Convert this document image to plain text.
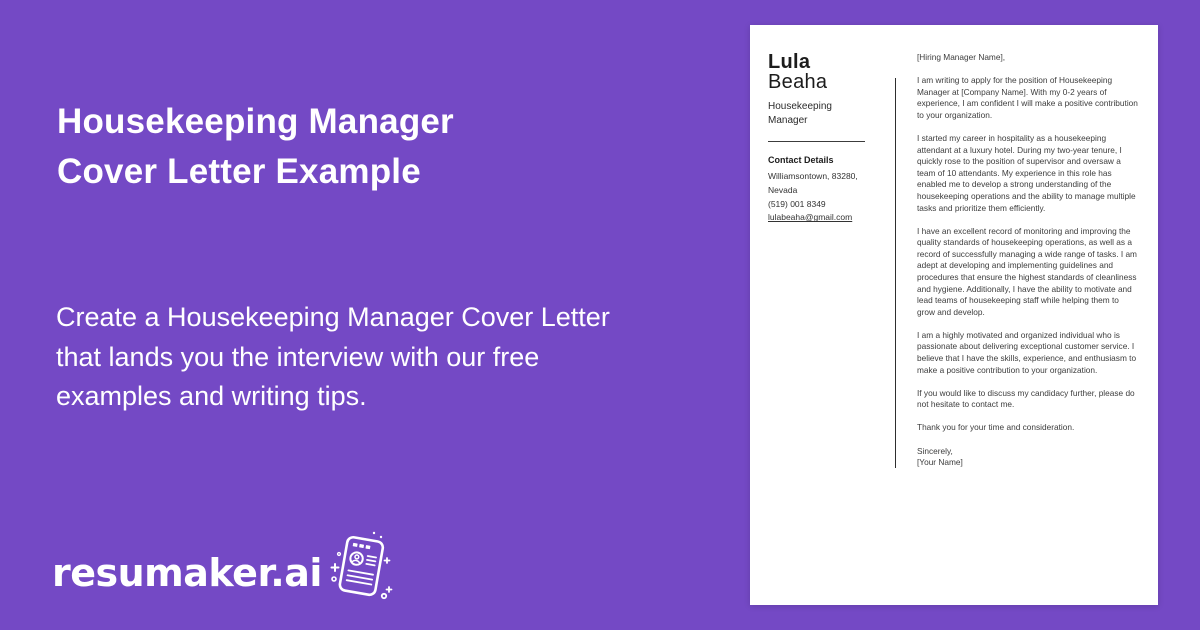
Housekeeping Manager
Cover Letter Example
Create a Housekeeping Manager Cover Letter
that lands you the interview with our free
examples and writing tips.
resumaker.ai
Lula
Beaha
Housekeeping
Manager
Contact Details
Williamsontown, 83280,
Nevada
(519) 001 8349
lulabeaha@gmail.com

[Hiring Manager Name],

I am writing to apply for the position of Housekeeping Manager at [Company Name]. With my 0-2 years of experience, I am confident I will make a positive contribution to your organization.

I started my career in hospitality as a housekeeping attendant at a luxury hotel. During my two-year tenure, I quickly rose to the position of supervisor and oversaw a team of 10 attendants. My experience in this role has enabled me to develop a strong understanding of the housekeeping operations and the ability to manage multiple tasks and prioritize them efficiently.

I have an excellent record of monitoring and improving the quality standards of housekeeping operations, as well as a record of successfully managing a wide range of tasks. I am adept at developing and implementing guidelines and procedures that ensure the highest standards of cleanliness and hygiene. Additionally, I have the ability to motivate and lead teams of housekeeping staff while helping them to grow and develop.

I am a highly motivated and organized individual who is passionate about delivering exceptional customer service. I believe that I have the skills, experience, and enthusiasm to make a positive contribution to your organization.

If you would like to discuss my candidacy further, please do not hesitate to contact me.

Thank you for your time and consideration.

Sincerely,
[Your Name]
